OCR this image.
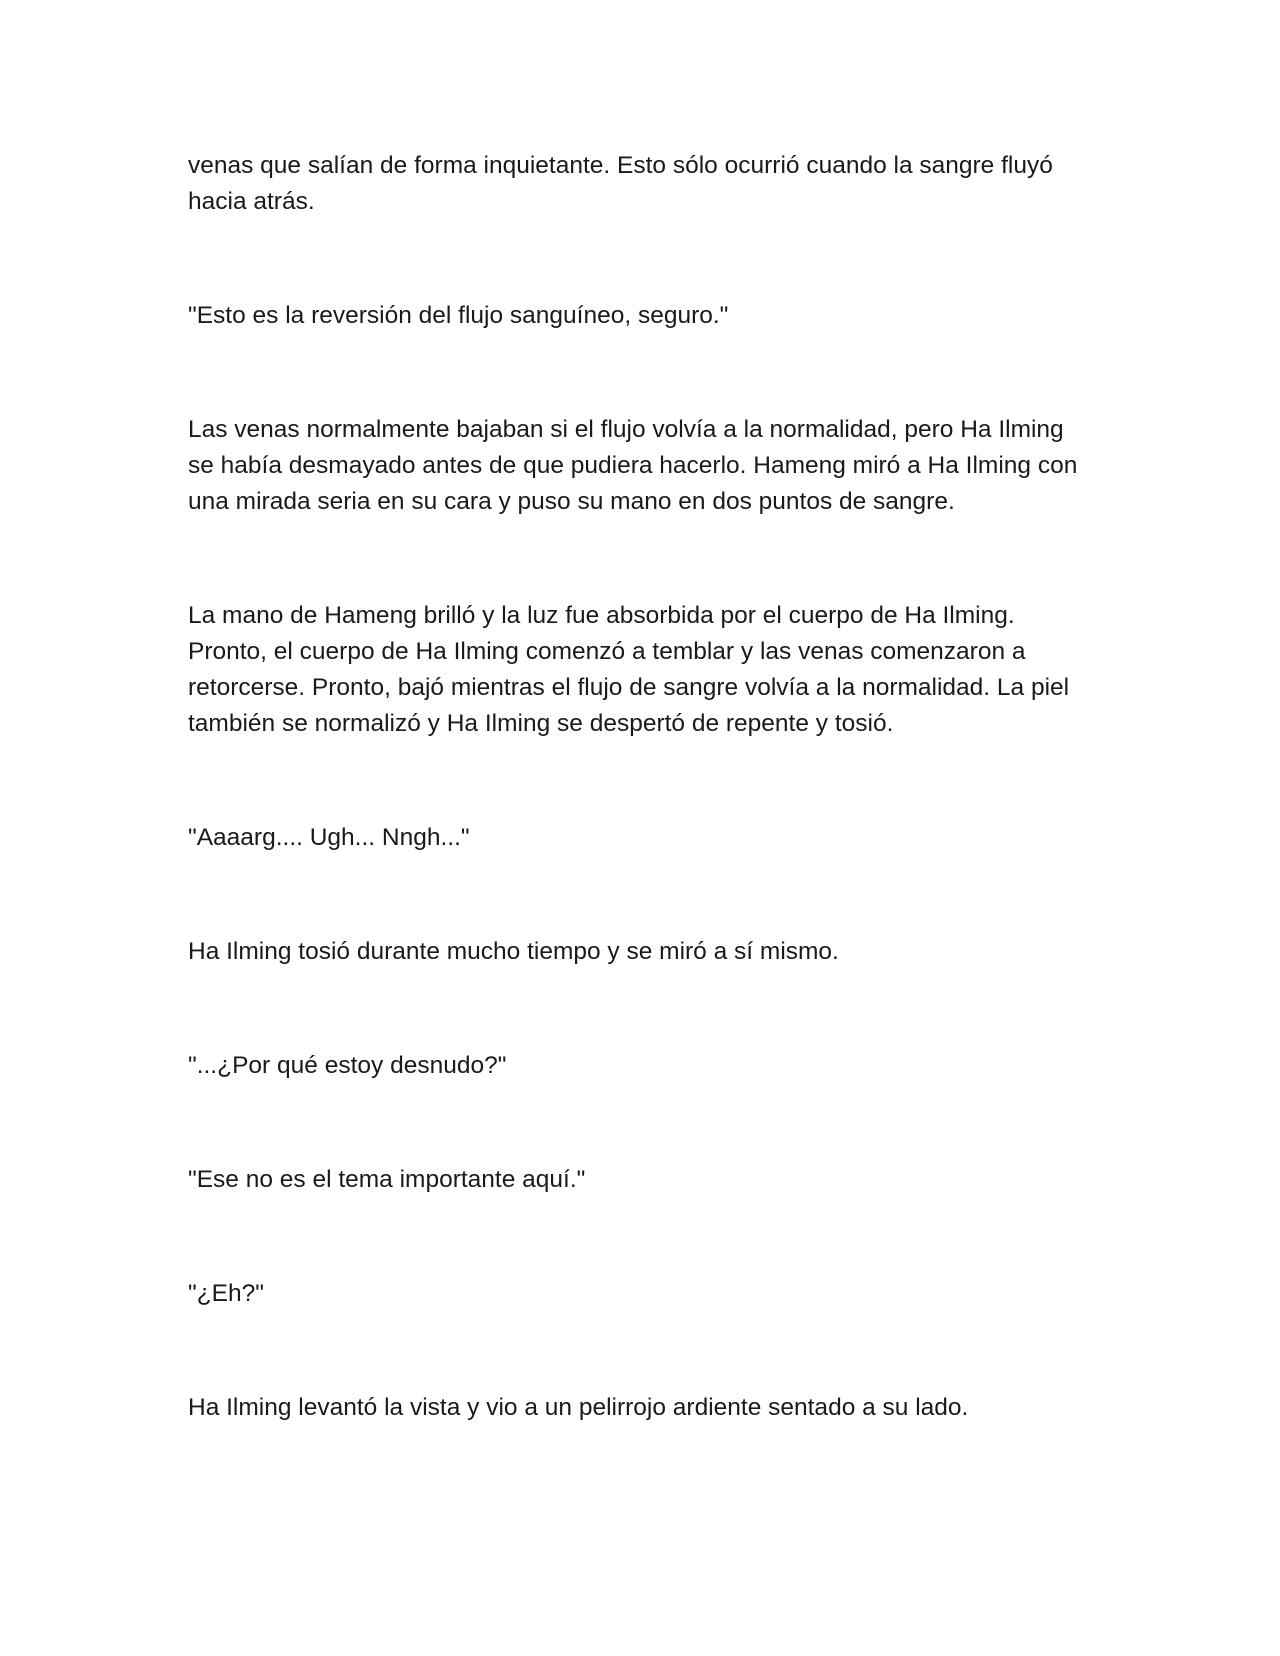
venas que salían de forma inquietante. Esto sólo ocurrió cuando la sangre fluyó hacia atrás.

"Esto es la reversión del flujo sanguíneo, seguro."

Las venas normalmente bajaban si el flujo volvía a la normalidad, pero Ha Ilming se había desmayado antes de que pudiera hacerlo. Hameng miró a Ha Ilming con una mirada seria en su cara y puso su mano en dos puntos de sangre.

La mano de Hameng brilló y la luz fue absorbida por el cuerpo de Ha Ilming. Pronto, el cuerpo de Ha Ilming comenzó a temblar y las venas comenzaron a retorcerse. Pronto, bajó mientras el flujo de sangre volvía a la normalidad. La piel también se normalizó y Ha Ilming se despertó de repente y tosió.

"Aaaarg.... Ugh... Nngh..."

Ha Ilming tosió durante mucho tiempo y se miró a sí mismo.

"...¿Por qué estoy desnudo?"

"Ese no es el tema importante aquí."

"¿Eh?"

Ha Ilming levantó la vista y vio a un pelirrojo ardiente sentado a su lado.
